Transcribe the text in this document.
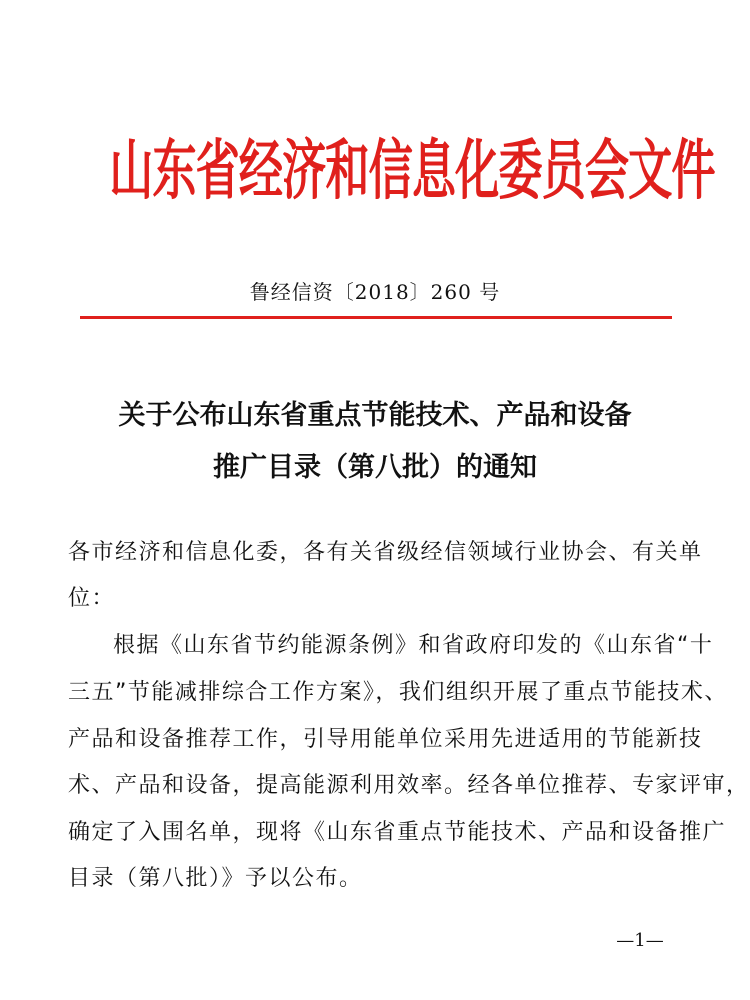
山东省经济和信息化委员会文件
鲁经信资〔2018〕260 号
关于公布山东省重点节能技术、产品和设备
推广目录（第八批）的通知
各市经济和信息化委，各有关省级经信领域行业协会、有关单
位：
根据《山东省节约能源条例》和省政府印发的《山东省“十
三五”节能减排综合工作方案》，我们组织开展了重点节能技术、
产品和设备推荐工作，引导用能单位采用先进适用的节能新技
术、产品和设备，提高能源利用效率。经各单位推荐、专家评审，
确定了入围名单，现将《山东省重点节能技术、产品和设备推广
目录（第八批）》予以公布。
—1—
